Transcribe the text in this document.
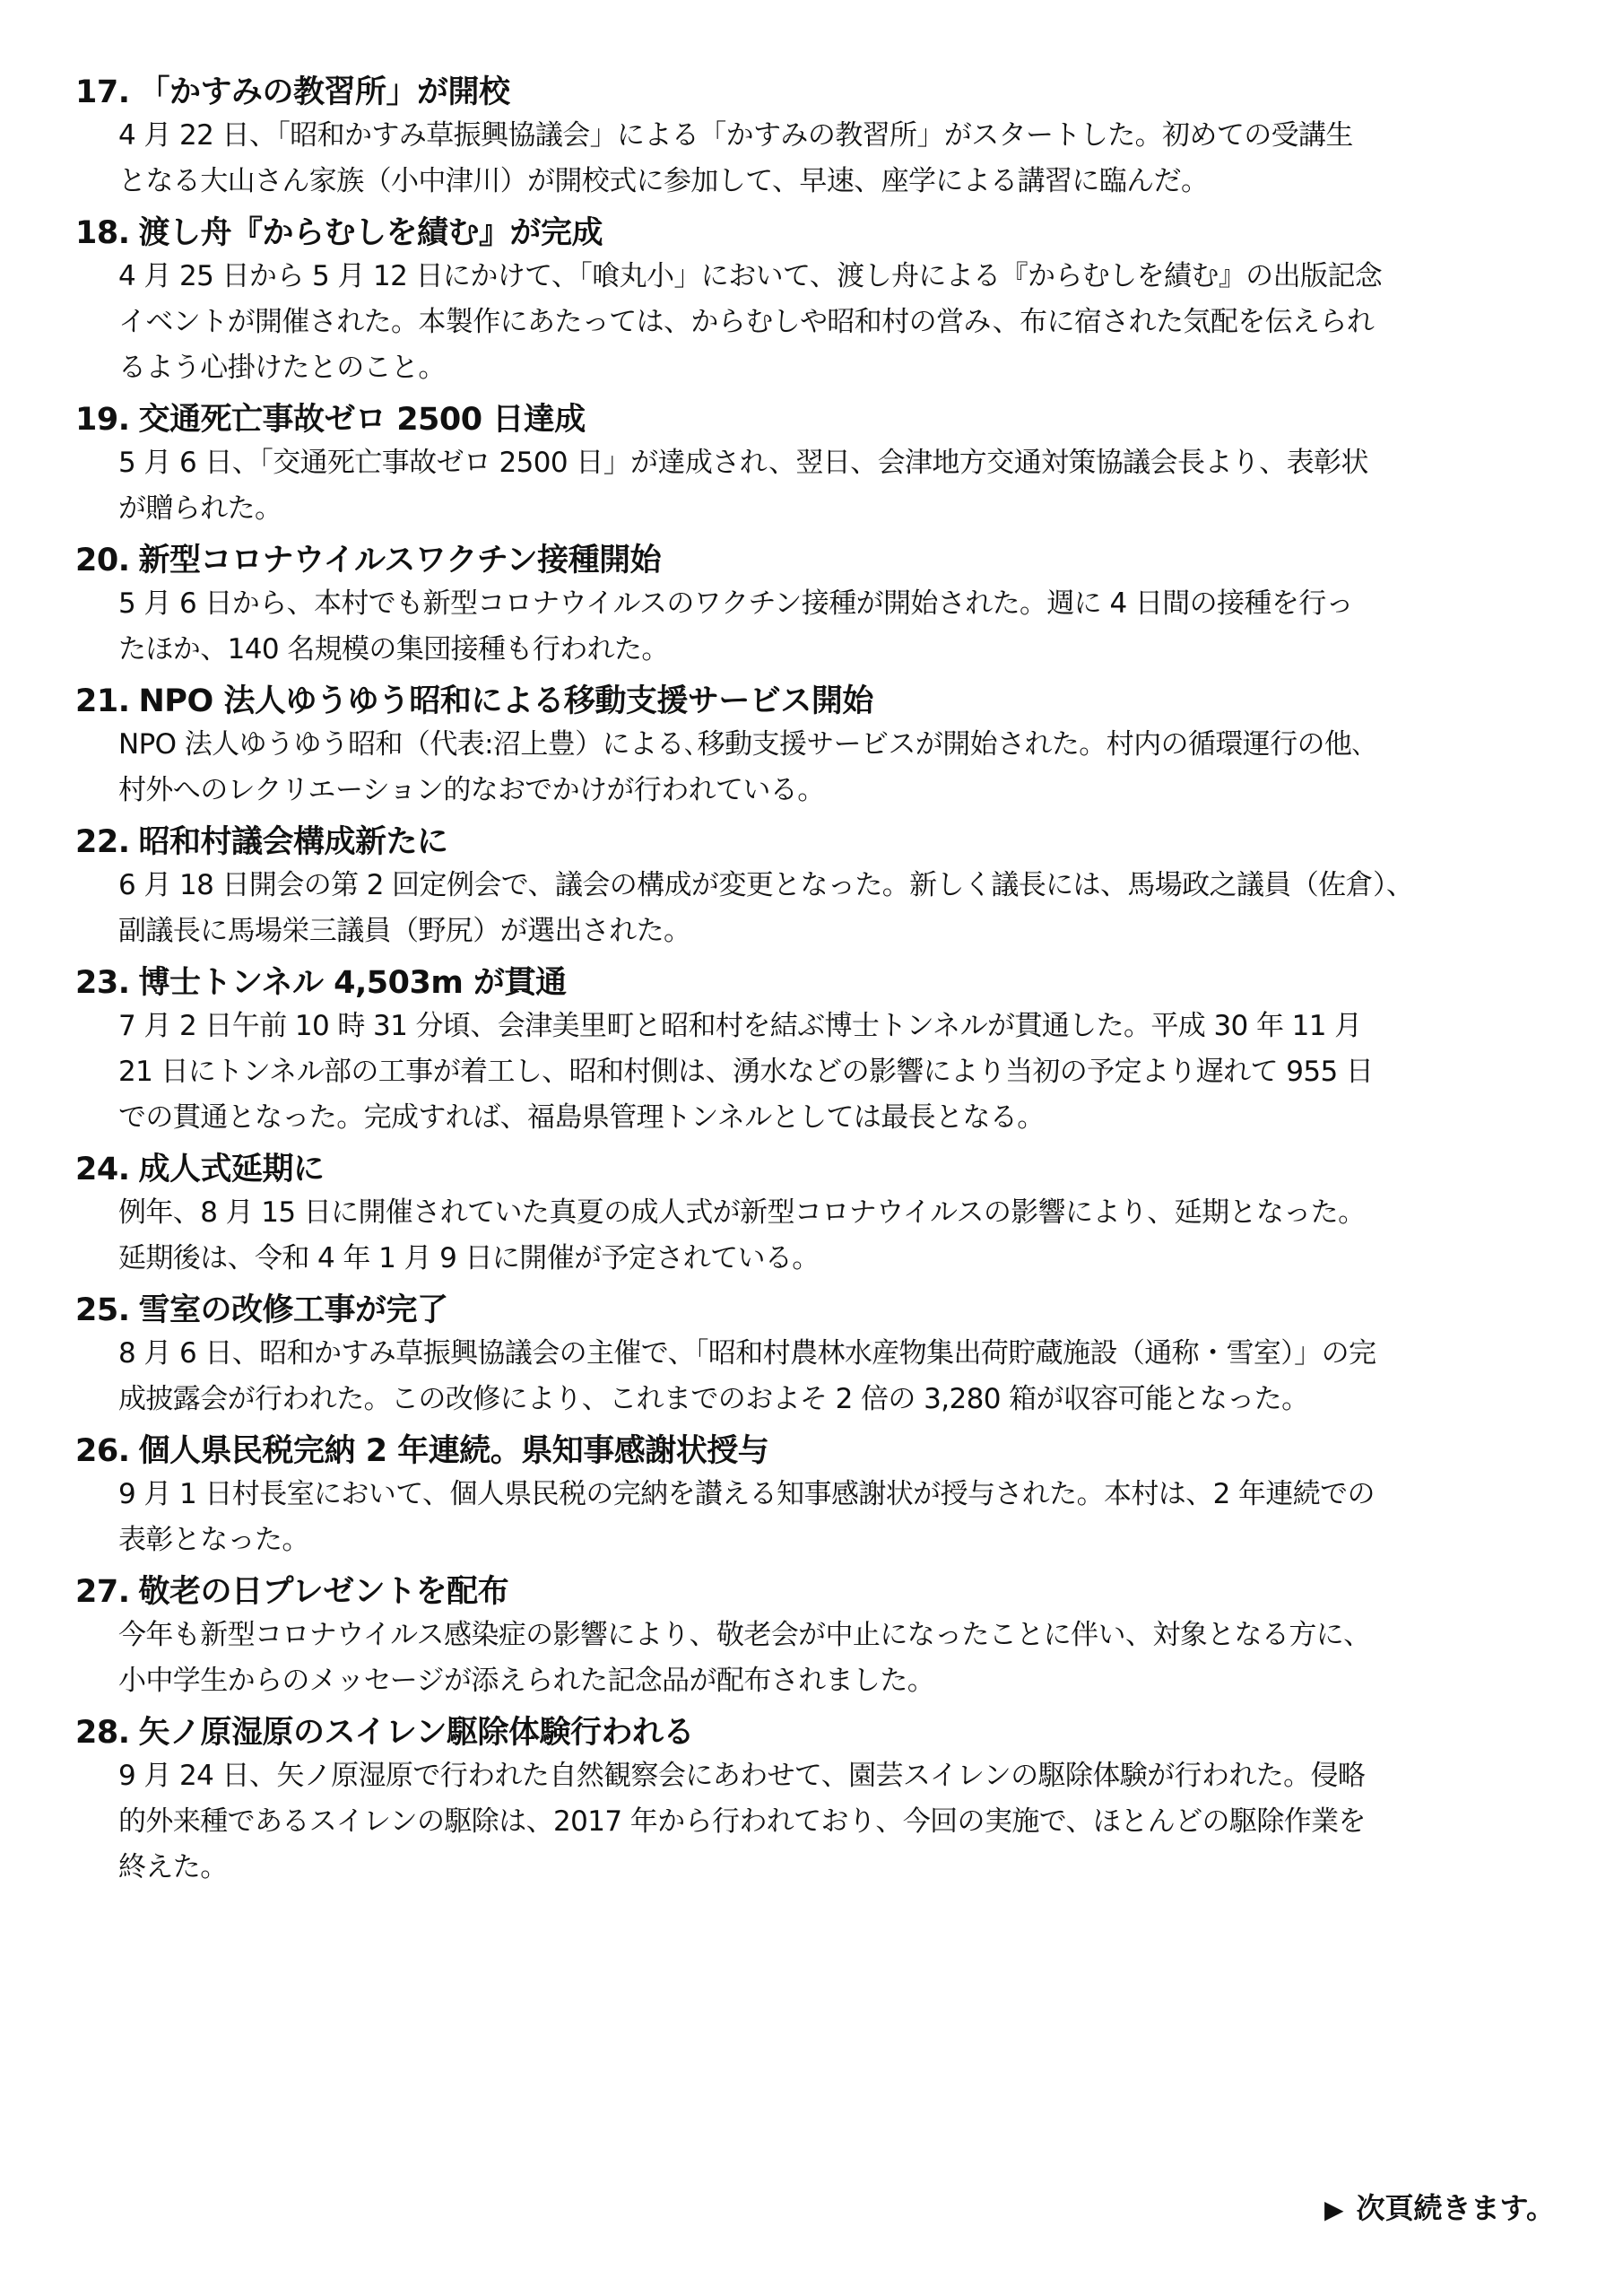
17. 「かすみの教習所」が開校
4 月 22 日、「昭和かすみ草振興協議会」による「かすみの教習所」がスタートした。初めての受講生
となる大山さん家族（小中津川）が開校式に参加して、早速、座学による講習に臨んだ。
18. 渡し舟『からむしを績む』が完成
4 月 25 日から 5 月 12 日にかけて、「喰丸小」において、渡し舟による『からむしを績む』の出版記念
イベントが開催された。本製作にあたっては、からむしや昭和村の営み、布に宿された気配を伝えられ
るよう心掛けたとのこと。
19. 交通死亡事故ゼロ 2500 日達成
5 月 6 日、「交通死亡事故ゼロ 2500 日」が達成され、翌日、会津地方交通対策協議会長より、表彰状
が贈られた。
20. 新型コロナウイルスワクチン接種開始
5 月 6 日から、本村でも新型コロナウイルスのワクチン接種が開始された。週に 4 日間の接種を行っ
たほか、140 名規模の集団接種も行われた。
21. NPO 法人ゆうゆう昭和による移動支援サービス開始
NPO 法人ゆうゆう昭和（代表:沼上豊）による､移動支援サービスが開始された。村内の循環運行の他､
村外へのレクリエーション的なおでかけが行われている。
22. 昭和村議会構成新たに
6 月 18 日開会の第 2 回定例会で、議会の構成が変更となった。新しく議長には、馬場政之議員（佐倉）、
副議長に馬場栄三議員（野尻）が選出された。
23. 博士トンネル 4,503m が貫通
7 月 2 日午前 10 時 31 分頃、会津美里町と昭和村を結ぶ博士トンネルが貫通した。平成 30 年 11 月
21 日にトンネル部の工事が着工し、昭和村側は、湧水などの影響により当初の予定より遅れて 955 日
での貫通となった。完成すれば、福島県管理トンネルとしては最長となる。
24. 成人式延期に
例年、8 月 15 日に開催されていた真夏の成人式が新型コロナウイルスの影響により、延期となった。
延期後は、令和 4 年 1 月 9 日に開催が予定されている。
25. 雪室の改修工事が完了
8 月 6 日、昭和かすみ草振興協議会の主催で、「昭和村農林水産物集出荷貯蔵施設（通称・雪室）」の完
成披露会が行われた。この改修により、これまでのおよそ 2 倍の 3,280 箱が収容可能となった。
26. 個人県民税完納 2 年連続。県知事感謝状授与
9 月 1 日村長室において、個人県民税の完納を讃える知事感謝状が授与された。本村は、2 年連続での
表彰となった。
27. 敬老の日プレゼントを配布
今年も新型コロナウイルス感染症の影響により、敬老会が中止になったことに伴い、対象となる方に、
小中学生からのメッセージが添えられた記念品が配布されました。
28. 矢ノ原湿原のスイレン駆除体験行われる
9 月 24 日、矢ノ原湿原で行われた自然観察会にあわせて、園芸スイレンの駆除体験が行われた。侵略
的外来種であるスイレンの駆除は、2017 年から行われており、今回の実施で、ほとんどの駆除作業を
終えた。
▶ 次頁続きます。
